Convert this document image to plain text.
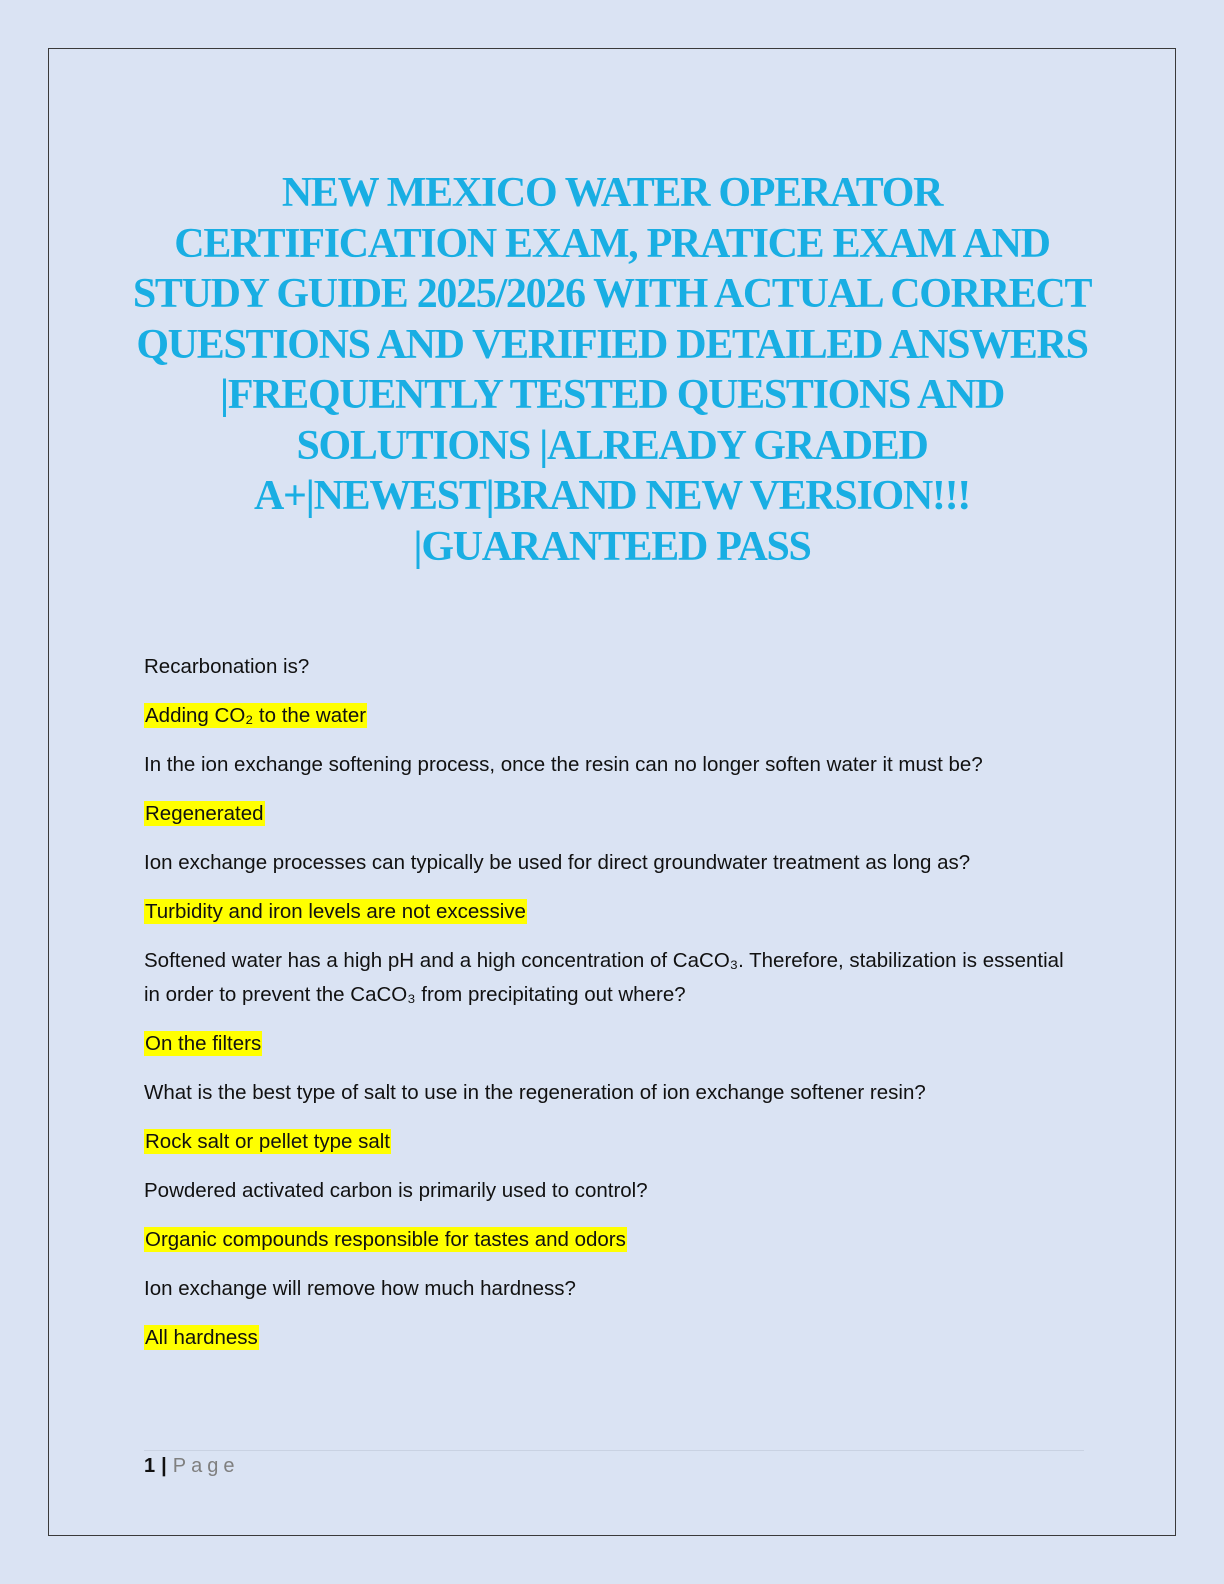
NEW MEXICO WATER OPERATOR CERTIFICATION EXAM, PRATICE EXAM AND STUDY GUIDE 2025/2026 WITH ACTUAL CORRECT QUESTIONS AND VERIFIED DETAILED ANSWERS |FREQUENTLY TESTED QUESTIONS AND SOLUTIONS |ALREADY GRADED A+|NEWEST|BRAND NEW VERSION!!! |GUARANTEED PASS

Recarbonation is?

Adding CO₂ to the water

In the ion exchange softening process, once the resin can no longer soften water it must be?

Regenerated

Ion exchange processes can typically be used for direct groundwater treatment as long as?

Turbidity and iron levels are not excessive

Softened water has a high pH and a high concentration of CaCO₃. Therefore, stabilization is essential in order to prevent the CaCO₃ from precipitating out where?

On the filters

What is the best type of salt to use in the regeneration of ion exchange softener resin?

Rock salt or pellet type salt

Powdered activated carbon is primarily used to control?

Organic compounds responsible for tastes and odors

Ion exchange will remove how much hardness?

All hardness

1 | Page
